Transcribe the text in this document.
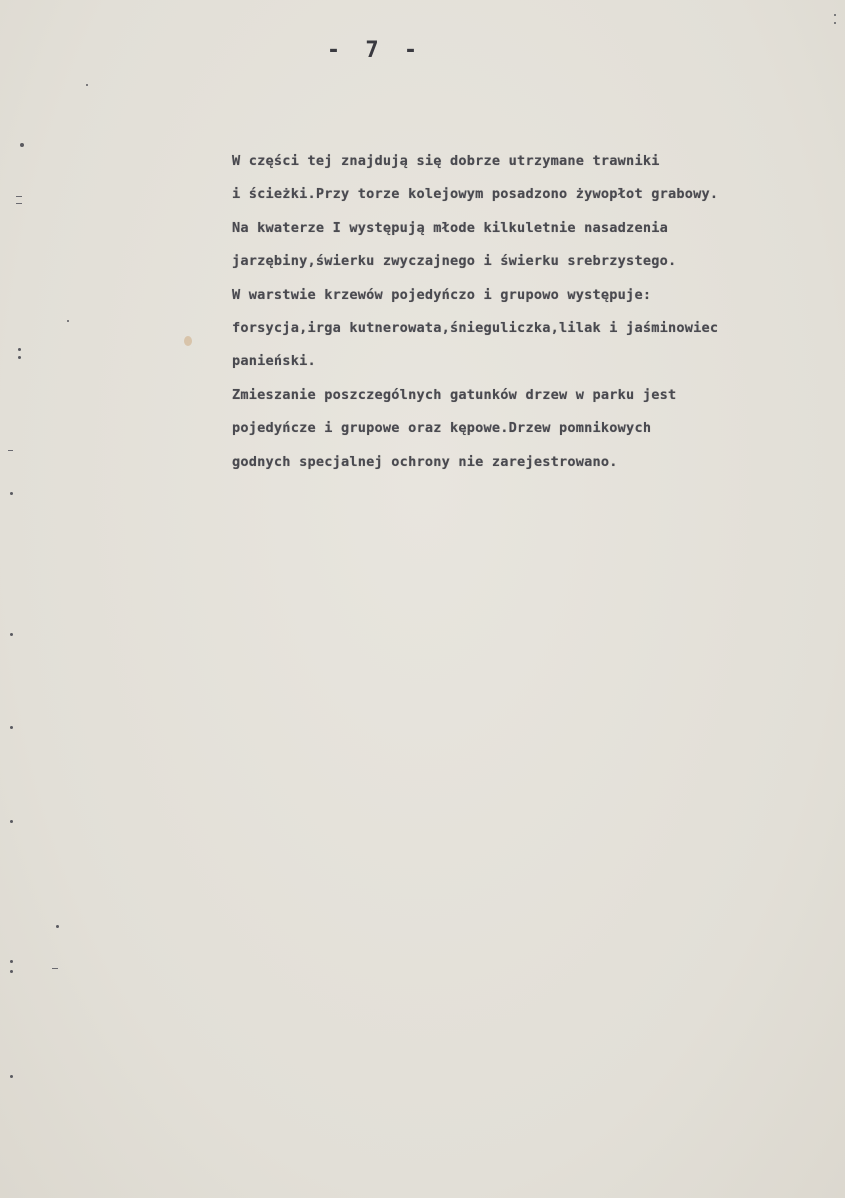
- 7 -
W części tej znajdują się dobrze utrzymane trawniki
i ścieżki.Przy torze kolejowym posadzono żywopłot grabowy.
Na kwaterze I występują młode kilkuletnie nasadzenia
jarzębiny,świerku zwyczajnego i świerku srebrzystego.
W warstwie krzewów pojedyńczo i grupowo występuje:
forsycja,irga kutnerowata,śnieguliczka,lilak i jaśminowiec
panieński.
Zmieszanie poszczególnych gatunków drzew w parku jest
pojedyńcze i grupowe oraz kępowe.Drzew pomnikowych
godnych specjalnej ochrony nie zarejestrowano.
